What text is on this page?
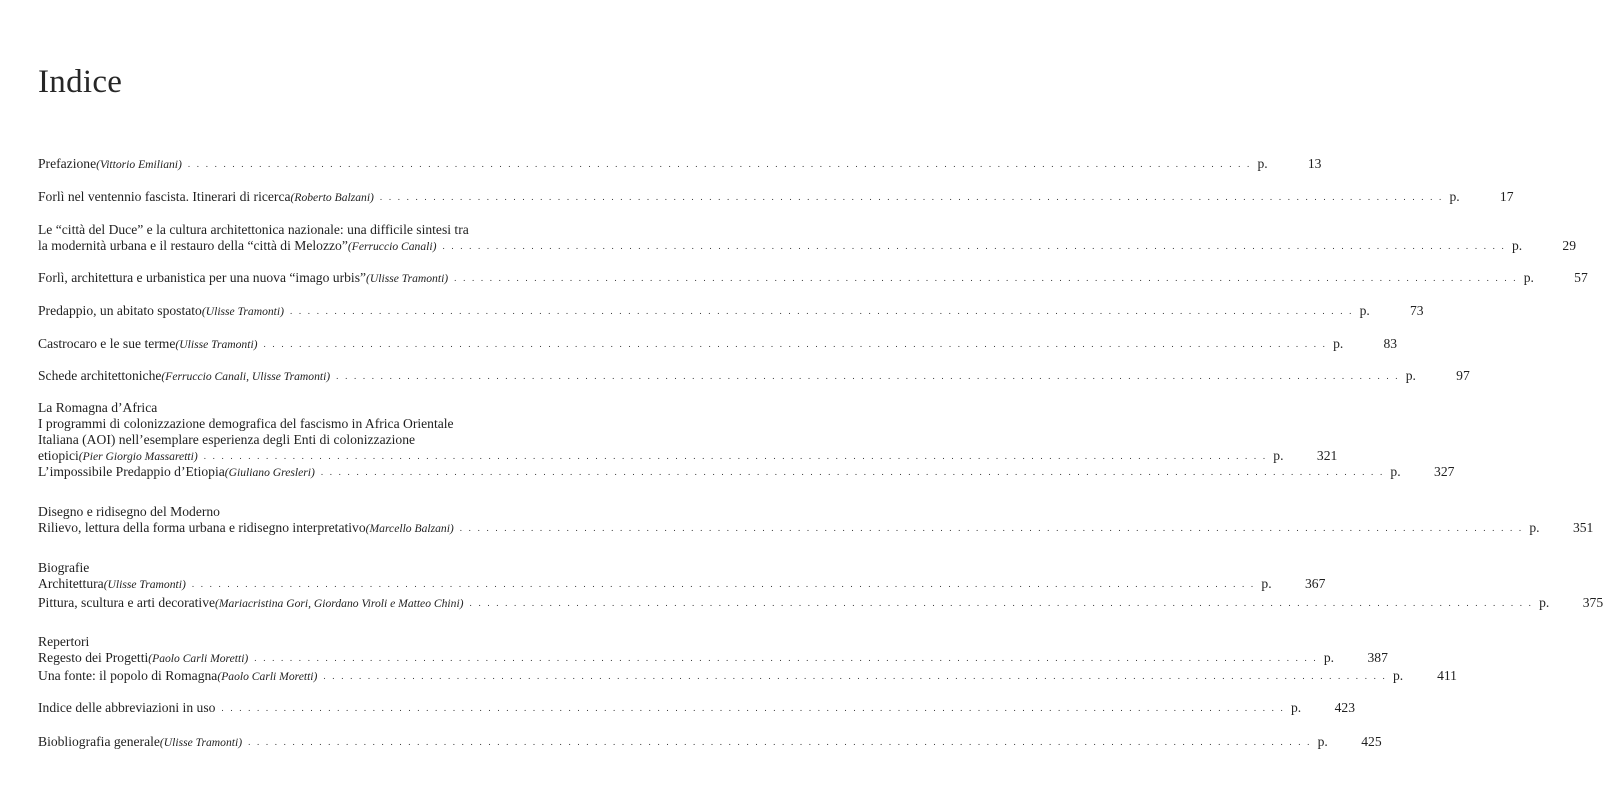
Indice
Prefazione (Vittorio Emiliani) . . . . . . . . . . . . . . . . . . . . . . . . . . . . . . . . . . . . . . . . . . . . . . . . . . . . . . . . . . . . . . . . . . . . . . . . . . . . . . . . . . . . . . . . . . . . . . . . . . . . . . . . . . . . . . . . . . . . . . . . p.	13
Forlì nel ventennio fascista. Itinerari di ricerca (Roberto Balzani) . . . . . . . . . . . . . . . . . . . . . . . . . . . . . . . . . . . . . . . . . . . . . . . . . . . . . . . . . . . . . . . . . . . . . . . . . . . . . . . . . . . . . . . . . . . . . . . . . . . . . . . . . . . . . . . . . . . . . . . . p.	17
Le “città del Duce” e la cultura architettonica nazionale: una difficile sintesi tra
la modernità urbana e il restauro della “città di Melozzo” (Ferruccio Canali) . . . . . . . . . . . . . . . . . . . . . . . . . . . . . . . . . . . . . . . . . . . . . . . . . . . . . . . . . . . . . . . . . . . . . . . . . . . . . . . . . . . . . . . . . . . . . . . . . . . . . . . . . . . . . . . . . . . . . . . . p.	29
Forlì, architettura e urbanistica per una nuova “imago urbis” (Ulisse Tramonti) . . . . . . . . . . . . . . . . . . . . . . . . . . . . . . . . . . . . . . . . . . . . . . . . . . . . . . . . . . . . . . . . . . . . . . . . . . . . . . . . . . . . . . . . . . . . . . . . . . . . . . . . . . . . . . . . . . . . . . . . p.	57
Predappio, un abitato spostato (Ulisse Tramonti) . . . . . . . . . . . . . . . . . . . . . . . . . . . . . . . . . . . . . . . . . . . . . . . . . . . . . . . . . . . . . . . . . . . . . . . . . . . . . . . . . . . . . . . . . . . . . . . . . . . . . . . . . . . . . . . . . . . . . . . . p.	73
Castrocaro e le sue terme (Ulisse Tramonti) . . . . . . . . . . . . . . . . . . . . . . . . . . . . . . . . . . . . . . . . . . . . . . . . . . . . . . . . . . . . . . . . . . . . . . . . . . . . . . . . . . . . . . . . . . . . . . . . . . . . . . . . . . . . . . . . . . . . . . . . p.	83
Schede architettoniche (Ferruccio Canali, Ulisse Tramonti) . . . . . . . . . . . . . . . . . . . . . . . . . . . . . . . . . . . . . . . . . . . . . . . . . . . . . . . . . . . . . . . . . . . . . . . . . . . . . . . . . . . . . . . . . . . . . . . . . . . . . . . . . . . . . . . . . . . . . . . . p.	97
La Romagna d’Africa
I programmi di colonizzazione demografica del fascismo in Africa Orientale
Italiana (AOI) nell’esemplare esperienza degli Enti di colonizzazione
etiopici (Pier Giorgio Massaretti) . . . . . . . . . . . . . . . . . . . . . . . . . . . . . . . . . . . . . . . . . . . . . . . . . . . . . . . . . . . . . . . . . . . . . . . . . . . . . . . . . . . . . . . . . . . . . . . . . . . . . . . . . . . . . . . . . . . . . . . . p.	321
L’impossibile Predappio d’Etiopia (Giuliano Gresleri) . . . . . . . . . . . . . . . . . . . . . . . . . . . . . . . . . . . . . . . . . . . . . . . . . . . . . . . . . . . . . . . . . . . . . . . . . . . . . . . . . . . . . . . . . . . . . . . . . . . . . . . . . . . . . . . . . . . . . . . . p.	327
Disegno e ridisegno del Moderno
Rilievo, lettura della forma urbana e ridisegno interpretativo (Marcello Balzani) . . . . . . . . . . . . . . . . . . . . . . . . . . . . . . . . . . . . . . . . . . . . . . . . . . . . . . . . . . . . . . . . . . . . . . . . . . . . . . . . . . . . . . . . . . . . . . . . . . . . . . . . . . . . . . . . . . . . . . . . p.	351
Biografie
Architettura (Ulisse Tramonti) . . . . . . . . . . . . . . . . . . . . . . . . . . . . . . . . . . . . . . . . . . . . . . . . . . . . . . . . . . . . . . . . . . . . . . . . . . . . . . . . . . . . . . . . . . . . . . . . . . . . . . . . . . . . . . . . . . . . . . . . p.	367
Pittura, scultura e arti decorative (Mariacristina Gori, Giordano Viroli e Matteo Chini) . . . . . . . . . . . . . . . . . . . . . . . . . . . . . . . . . . . . . . . . . . . . . . . . . . . . . . . . . . . . . . . . . . . . . . . . . . . . . . . . . . . . . . . . . . . . . . . . . . . . . . . . . . . . . . . . . . . . . . . . p.	375
Repertori
Regesto dei Progetti (Paolo Carli Moretti) . . . . . . . . . . . . . . . . . . . . . . . . . . . . . . . . . . . . . . . . . . . . . . . . . . . . . . . . . . . . . . . . . . . . . . . . . . . . . . . . . . . . . . . . . . . . . . . . . . . . . . . . . . . . . . . . . . . . . . . . p.	387
Una fonte: il popolo di Romagna (Paolo Carli Moretti) . . . . . . . . . . . . . . . . . . . . . . . . . . . . . . . . . . . . . . . . . . . . . . . . . . . . . . . . . . . . . . . . . . . . . . . . . . . . . . . . . . . . . . . . . . . . . . . . . . . . . . . . . . . . . . . . . . . . . . . . p.	411
Indice delle abbreviazioni in uso . . . . . . . . . . . . . . . . . . . . . . . . . . . . . . . . . . . . . . . . . . . . . . . . . . . . . . . . . . . . . . . . . . . . . . . . . . . . . . . . . . . . . . . . . . . . . . . . . . . . . . . . . . . . . . . . . . . . . . . . p.	423
Biobliografia generale (Ulisse Tramonti) . . . . . . . . . . . . . . . . . . . . . . . . . . . . . . . . . . . . . . . . . . . . . . . . . . . . . . . . . . . . . . . . . . . . . . . . . . . . . . . . . . . . . . . . . . . . . . . . . . . . . . . . . . . . . . . . . . . . . . . . p.	425
